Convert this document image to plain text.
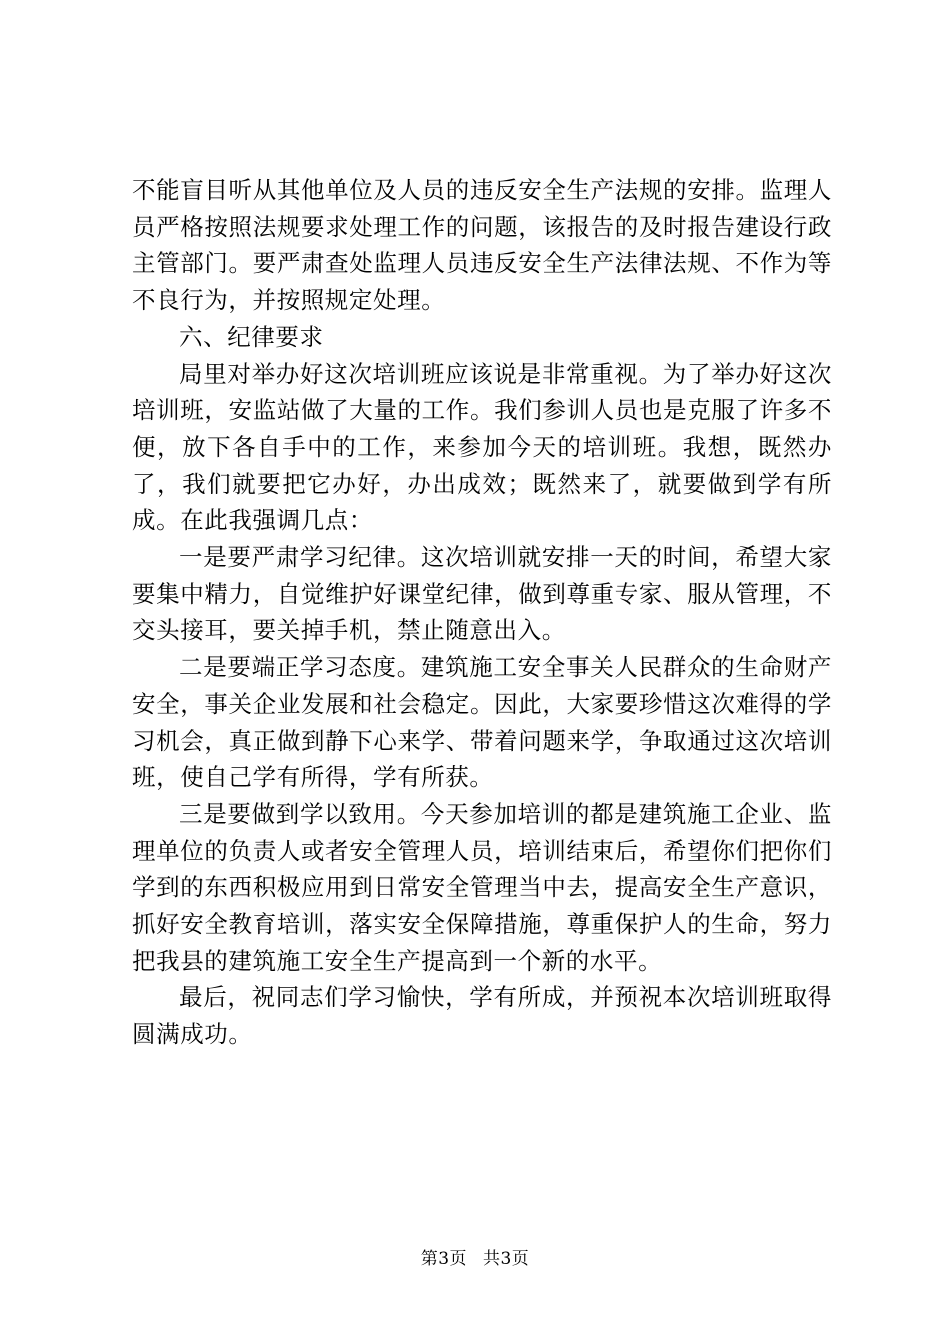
不能盲目听从其他单位及人员的违反安全生产法规的安排。监理人员严格按照法规要求处理工作的问题，该报告的及时报告建设行政主管部门。要严肃查处监理人员违反安全生产法律法规、不作为等不良行为，并按照规定处理。

六、纪律要求

局里对举办好这次培训班应该说是非常重视。为了举办好这次培训班，安监站做了大量的工作。我们参训人员也是克服了许多不便，放下各自手中的工作，来参加今天的培训班。我想，既然办了，我们就要把它办好，办出成效；既然来了，就要做到学有所成。在此我强调几点：

一是要严肃学习纪律。这次培训就安排一天的时间，希望大家要集中精力，自觉维护好课堂纪律，做到尊重专家、服从管理，不交头接耳，要关掉手机，禁止随意出入。

二是要端正学习态度。建筑施工安全事关人民群众的生命财产安全，事关企业发展和社会稳定。因此，大家要珍惜这次难得的学习机会，真正做到静下心来学、带着问题来学，争取通过这次培训班，使自己学有所得，学有所获。

三是要做到学以致用。今天参加培训的都是建筑施工企业、监理单位的负责人或者安全管理人员，培训结束后，希望你们把你们学到的东西积极应用到日常安全管理当中去，提高安全生产意识，抓好安全教育培训，落实安全保障措施，尊重保护人的生命，努力把我县的建筑施工安全生产提高到一个新的水平。

最后，祝同志们学习愉快，学有所成，并预祝本次培训班取得圆满成功。

第3页 共3页
